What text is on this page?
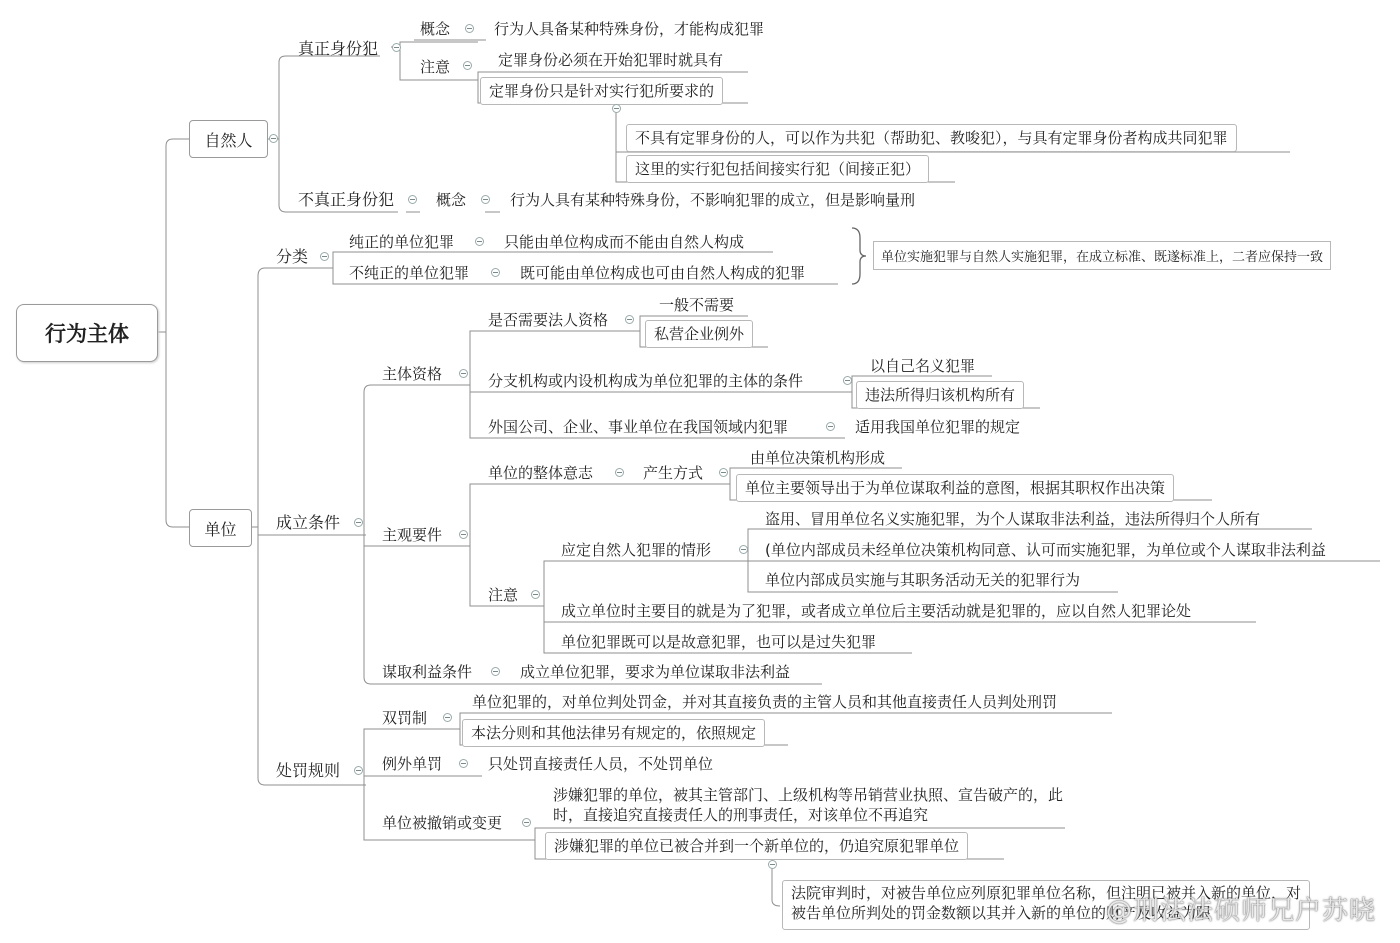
行为主体
自然人
单位
真正身份犯
概念	行为人具备某种特殊身份，才能构成犯罪
注意	定罪身份必须在开始犯罪时就具有
定罪身份只是针对实行犯所要求的
不具有定罪身份的人，可以作为共犯（帮助犯、教唆犯），与具有定罪身份者构成共同犯罪
这里的实行犯包括间接实行犯（间接正犯）
不真正身份犯	概念	行为人具有某种特殊身份，不影响犯罪的成立，但是影响量刑
分类
纯正的单位犯罪	只能由单位构成而不能由自然人构成
不纯正的单位犯罪	既可能由单位构成也可由自然人构成的犯罪
单位实施犯罪与自然人实施犯罪，在成立标准、既遂标准上，二者应保持一致
成立条件
主体资格
是否需要法人资格
一般不需要
私营企业例外
分支机构或内设机构成为单位犯罪的主体的条件
以自己名义犯罪
违法所得归该机构所有
外国公司、企业、事业单位在我国领域内犯罪	适用我国单位犯罪的规定
主观要件
单位的整体意志	产生方式
由单位决策机构形成
单位主要领导出于为单位谋取利益的意图，根据其职权作出决策
注意
应定自然人犯罪的情形
盗用、冒用单位名义实施犯罪，为个人谋取非法利益，违法所得归个人所有
(单位内部成员未经单位决策机构同意、认可而实施犯罪，为单位或个人谋取非法利益
单位内部成员实施与其职务活动无关的犯罪行为
成立单位时主要目的就是为了犯罪，或者成立单位后主要活动就是犯罪的，应以自然人犯罪论处
单位犯罪既可以是故意犯罪，也可以是过失犯罪
谋取利益条件	成立单位犯罪，要求为单位谋取非法利益
处罚规则
双罚制
单位犯罪的，对单位判处罚金，并对其直接负责的主管人员和其他直接责任人员判处刑罚
本法分则和其他法律另有规定的，依照规定
例外单罚	只处罚直接责任人员，不处罚单位
单位被撤销或变更
涉嫌犯罪的单位，被其主管部门、上级机构等吊销营业执照、宣告破产的，此时，直接追究直接责任人的刑事责任，对该单位不再追究
涉嫌犯罪的单位已被合并到一个新单位的，仍追究原犯罪单位
法院审判时，对被告单位应列原犯罪单位名称，但注明已被并入新的单位，对被告单位所判处的罚金数额以其并入新的单位的财产及收益为限
@刑法法硕师兄户苏晓
